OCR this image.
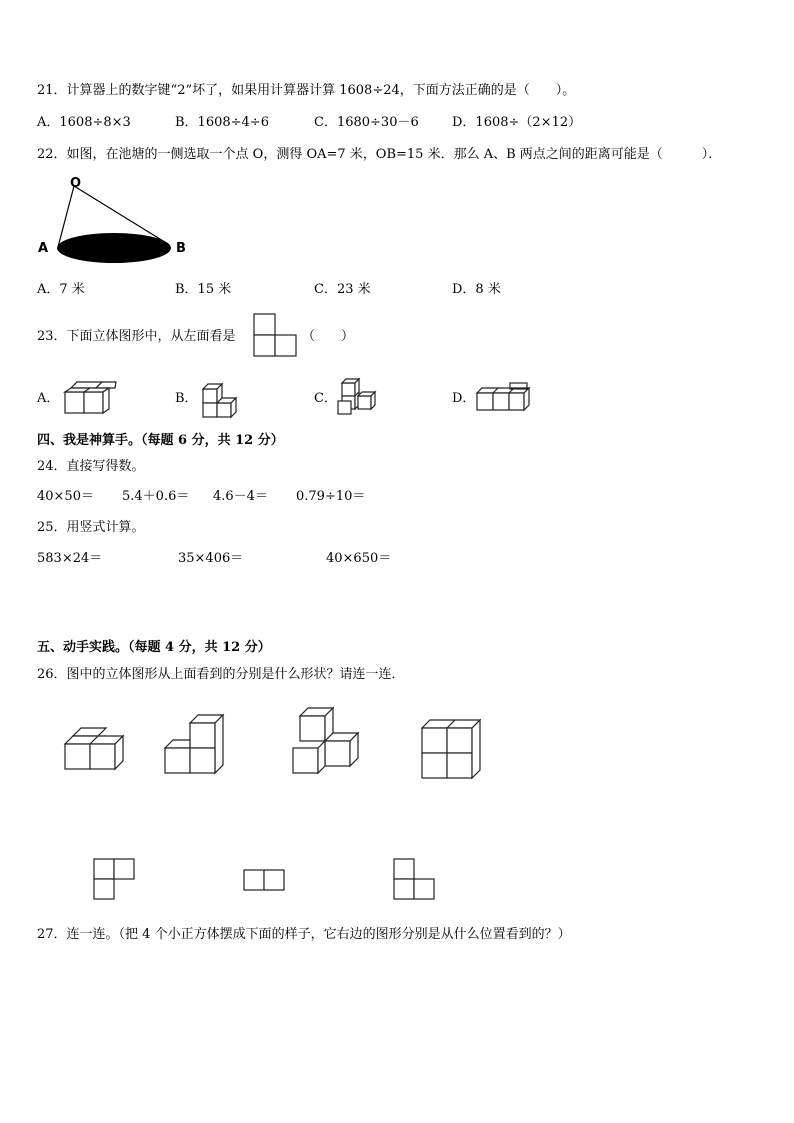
21．计算器上的数字键“2”坏了，如果用计算器计算 1608÷24，下面方法正确的是（　　）。
A．1608÷8×3	B．1608÷4÷6	C．1680÷30－6	D．1608÷（2×12）
22．如图，在池塘的一侧选取一个点 O，测得 OA=7 米，OB=15 米．那么 A、B 两点之间的距离可能是（　　　）．
O
A	B
A．7 米	B．15 米	C．23 米	D．8 米
23．下面立体图形中，从左面看是	（　　）
A．	B．	C．	D．
四、我是神算手。（每题 6 分，共 12 分）
24．直接写得数。
40×50＝ 5.4＋0.6＝ 4.6－4＝ 0.79÷10＝
25．用竖式计算。
583×24＝	35×406＝	40×650＝
五、动手实践。（每题 4 分，共 12 分）
26．图中的立体图形从上面看到的分别是什么形状？请连一连．
27．连一连。（把 4 个小正方体摆成下面的样子，它右边的图形分别是从什么位置看到的？）
